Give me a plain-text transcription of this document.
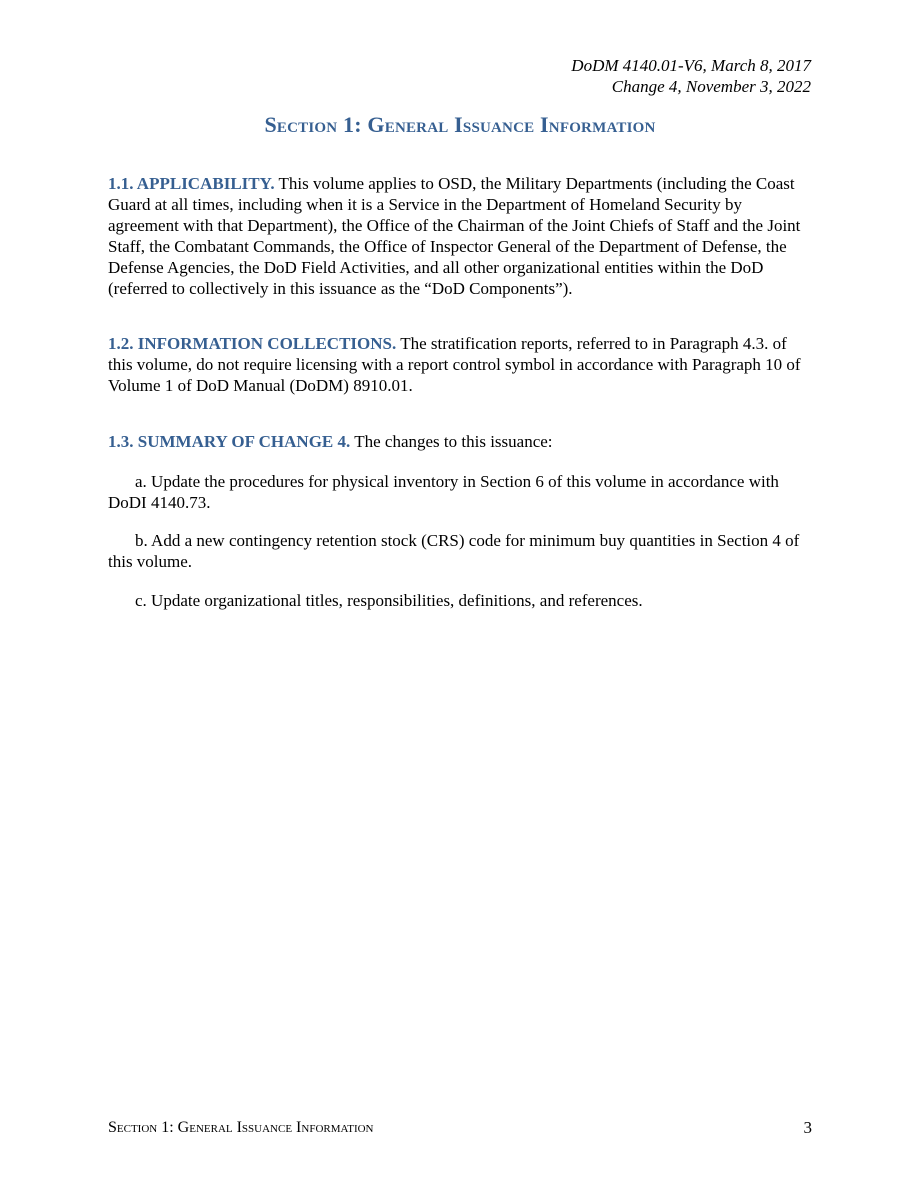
DoDM 4140.01-V6, March 8, 2017
Change 4, November 3, 2022
Section 1: General Issuance Information

1.1. APPLICABILITY. This volume applies to OSD, the Military Departments (including the Coast Guard at all times, including when it is a Service in the Department of Homeland Security by agreement with that Department), the Office of the Chairman of the Joint Chiefs of Staff and the Joint Staff, the Combatant Commands, the Office of Inspector General of the Department of Defense, the Defense Agencies, the DoD Field Activities, and all other organizational entities within the DoD (referred to collectively in this issuance as the “DoD Components”).

1.2. INFORMATION COLLECTIONS. The stratification reports, referred to in Paragraph 4.3. of this volume, do not require licensing with a report control symbol in accordance with Paragraph 10 of Volume 1 of DoD Manual (DoDM) 8910.01.

1.3. SUMMARY OF CHANGE 4. The changes to this issuance:

a. Update the procedures for physical inventory in Section 6 of this volume in accordance with DoDI 4140.73.

b. Add a new contingency retention stock (CRS) code for minimum buy quantities in Section 4 of this volume.

c. Update organizational titles, responsibilities, definitions, and references.

Section 1: General Issuance Information	3
